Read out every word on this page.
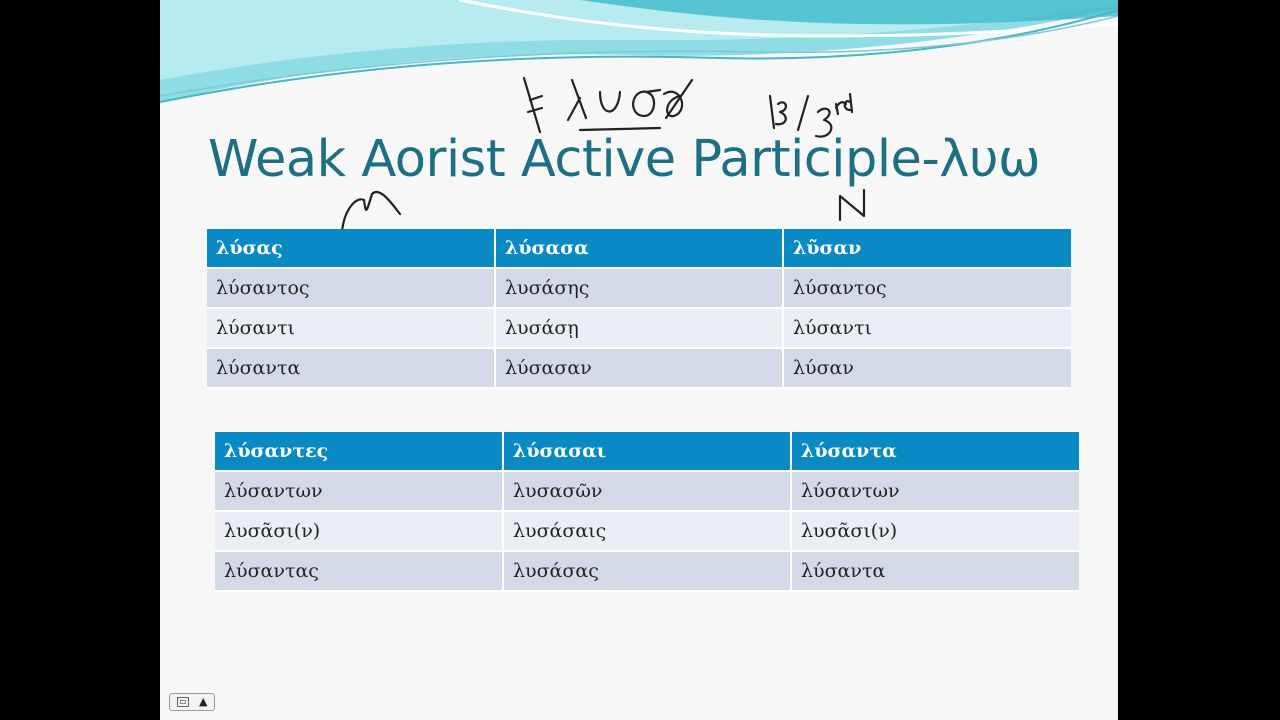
Weak Aorist Active Participle-λυω
λύσας	λύσασα	λῦσαν
λύσαντος	λυσάσης	λύσαντος
λύσαντι	λυσάσῃ	λύσαντι
λύσαντα	λύσασαν	λύσαν
λύσαντες	λύσασαι	λύσαντα
λύσαντων	λυσασῶν	λύσαντων
λυσᾶσι(ν)	λυσάσαις	λυσᾶσι(ν)
λύσαντας	λυσάσας	λύσαντα
▲
